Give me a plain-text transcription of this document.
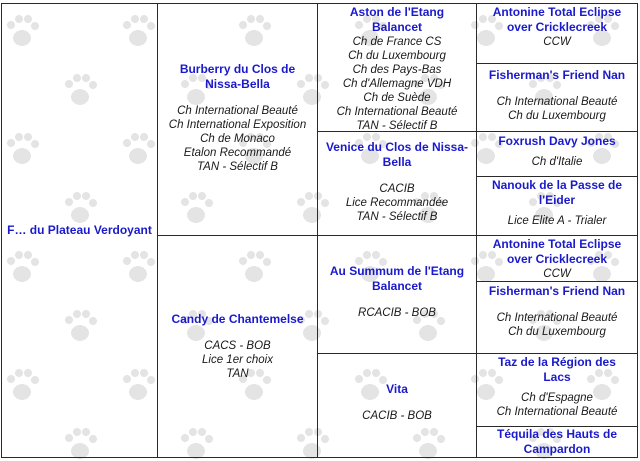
F… du Plateau Verdoyant
Burberry du Clos de Nissa-Bella
Ch International Beauté
Ch International Exposition
Ch de Monaco
Etalon Recommandé
TAN - Sélectif B
Candy de Chantemelse
CACS - BOB
Lice 1er choix
TAN
Aston de l'Etang Balancet
Ch de France CS
Ch du Luxembourg
Ch des Pays-Bas
Ch d'Allemagne VDH
Ch de Suède
Ch International Beauté
TAN - Sélectif B
Venice du Clos de Nissa-Bella
CACIB
Lice Recommandée
TAN - Sélectif B
Au Summum de l'Etang Balancet
RCACIB - BOB
Vita
CACIB - BOB
Antonine Total Eclipse over Cricklecreek
CCW
Fisherman's Friend Nan
Ch International Beauté
Ch du Luxembourg
Foxrush Davy Jones
Ch d'Italie
Nanouk de la Passe de l'Eider
Lice Elite A - Trialer
Antonine Total Eclipse over Cricklecreek
CCW
Fisherman's Friend Nan
Ch International Beauté
Ch du Luxembourg
Taz de la Région des Lacs
Ch d'Espagne
Ch International Beauté
Téquila des Hauts de Campardon
